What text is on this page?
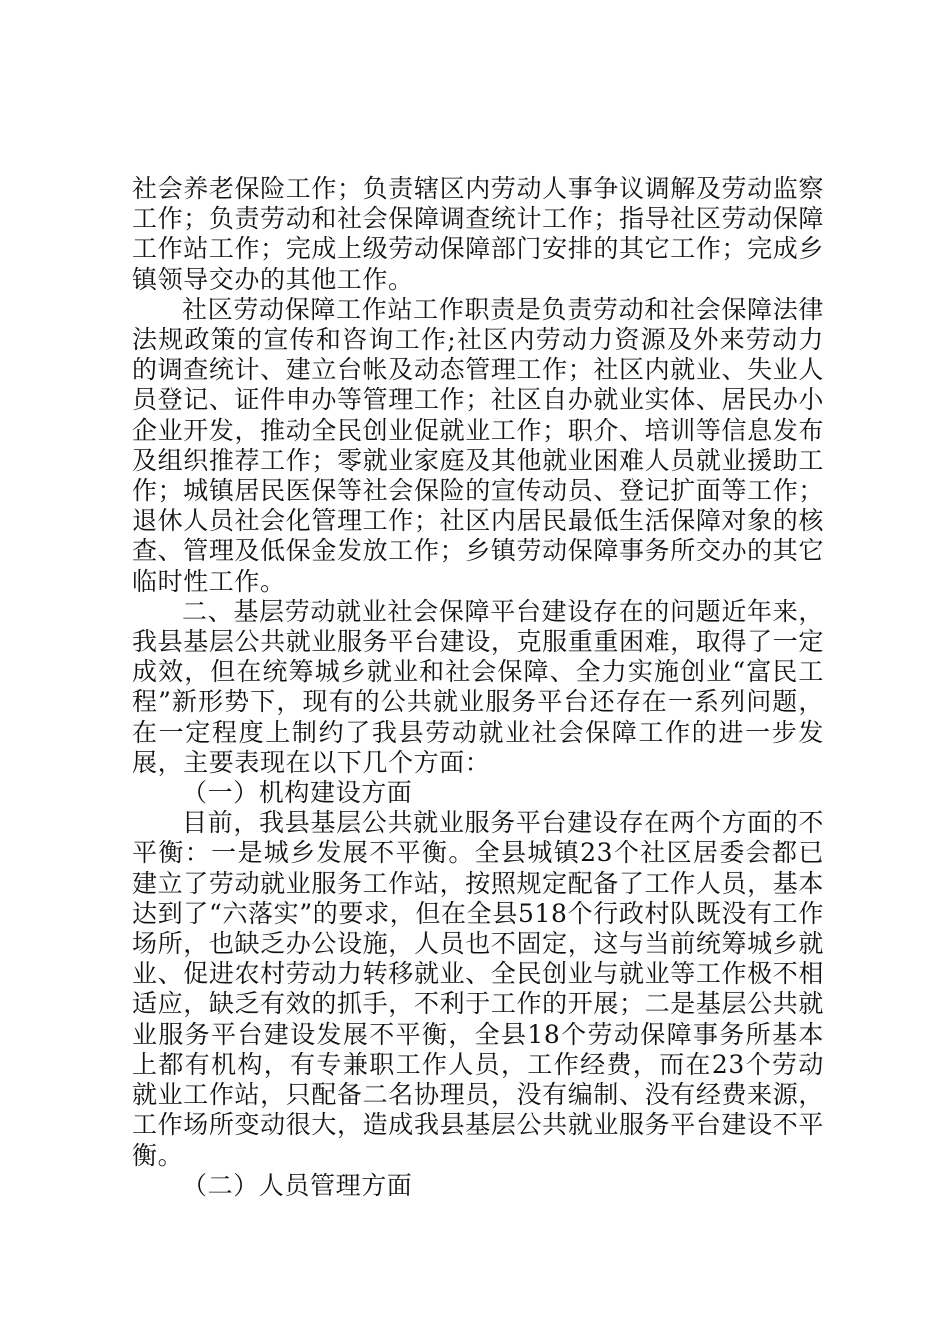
社会养老保险工作；负责辖区内劳动人事争议调解及劳动监察工作；负责劳动和社会保障调查统计工作；指导社区劳动保障工作站工作；完成上级劳动保障部门安排的其它工作；完成乡镇领导交办的其他工作。

社区劳动保障工作站工作职责是负责劳动和社会保障法律法规政策的宣传和咨询工作;社区内劳动力资源及外来劳动力的调查统计、建立台帐及动态管理工作；社区内就业、失业人员登记、证件申办等管理工作；社区自办就业实体、居民办小企业开发，推动全民创业促就业工作；职介、培训等信息发布及组织推荐工作；零就业家庭及其他就业困难人员就业援助工作；城镇居民医保等社会保险的宣传动员、登记扩面等工作；退休人员社会化管理工作；社区内居民最低生活保障对象的核查、管理及低保金发放工作；乡镇劳动保障事务所交办的其它临时性工作。

二、基层劳动就业社会保障平台建设存在的问题近年来，我县基层公共就业服务平台建设，克服重重困难，取得了一定成效，但在统筹城乡就业和社会保障、全力实施创业“富民工程”新形势下，现有的公共就业服务平台还存在一系列问题，在一定程度上制约了我县劳动就业社会保障工作的进一步发展，主要表现在以下几个方面：

（一）机构建设方面

目前，我县基层公共就业服务平台建设存在两个方面的不平衡：一是城乡发展不平衡。全县城镇23个社区居委会都已建立了劳动就业服务工作站，按照规定配备了工作人员，基本达到了“六落实”的要求，但在全县518个行政村队既没有工作场所，也缺乏办公设施，人员也不固定，这与当前统筹城乡就业、促进农村劳动力转移就业、全民创业与就业等工作极不相适应，缺乏有效的抓手，不利于工作的开展；二是基层公共就业服务平台建设发展不平衡，全县18个劳动保障事务所基本上都有机构，有专兼职工作人员，工作经费，而在23个劳动就业工作站，只配备二名协理员，没有编制、没有经费来源，工作场所变动很大，造成我县基层公共就业服务平台建设不平衡。

（二）人员管理方面
